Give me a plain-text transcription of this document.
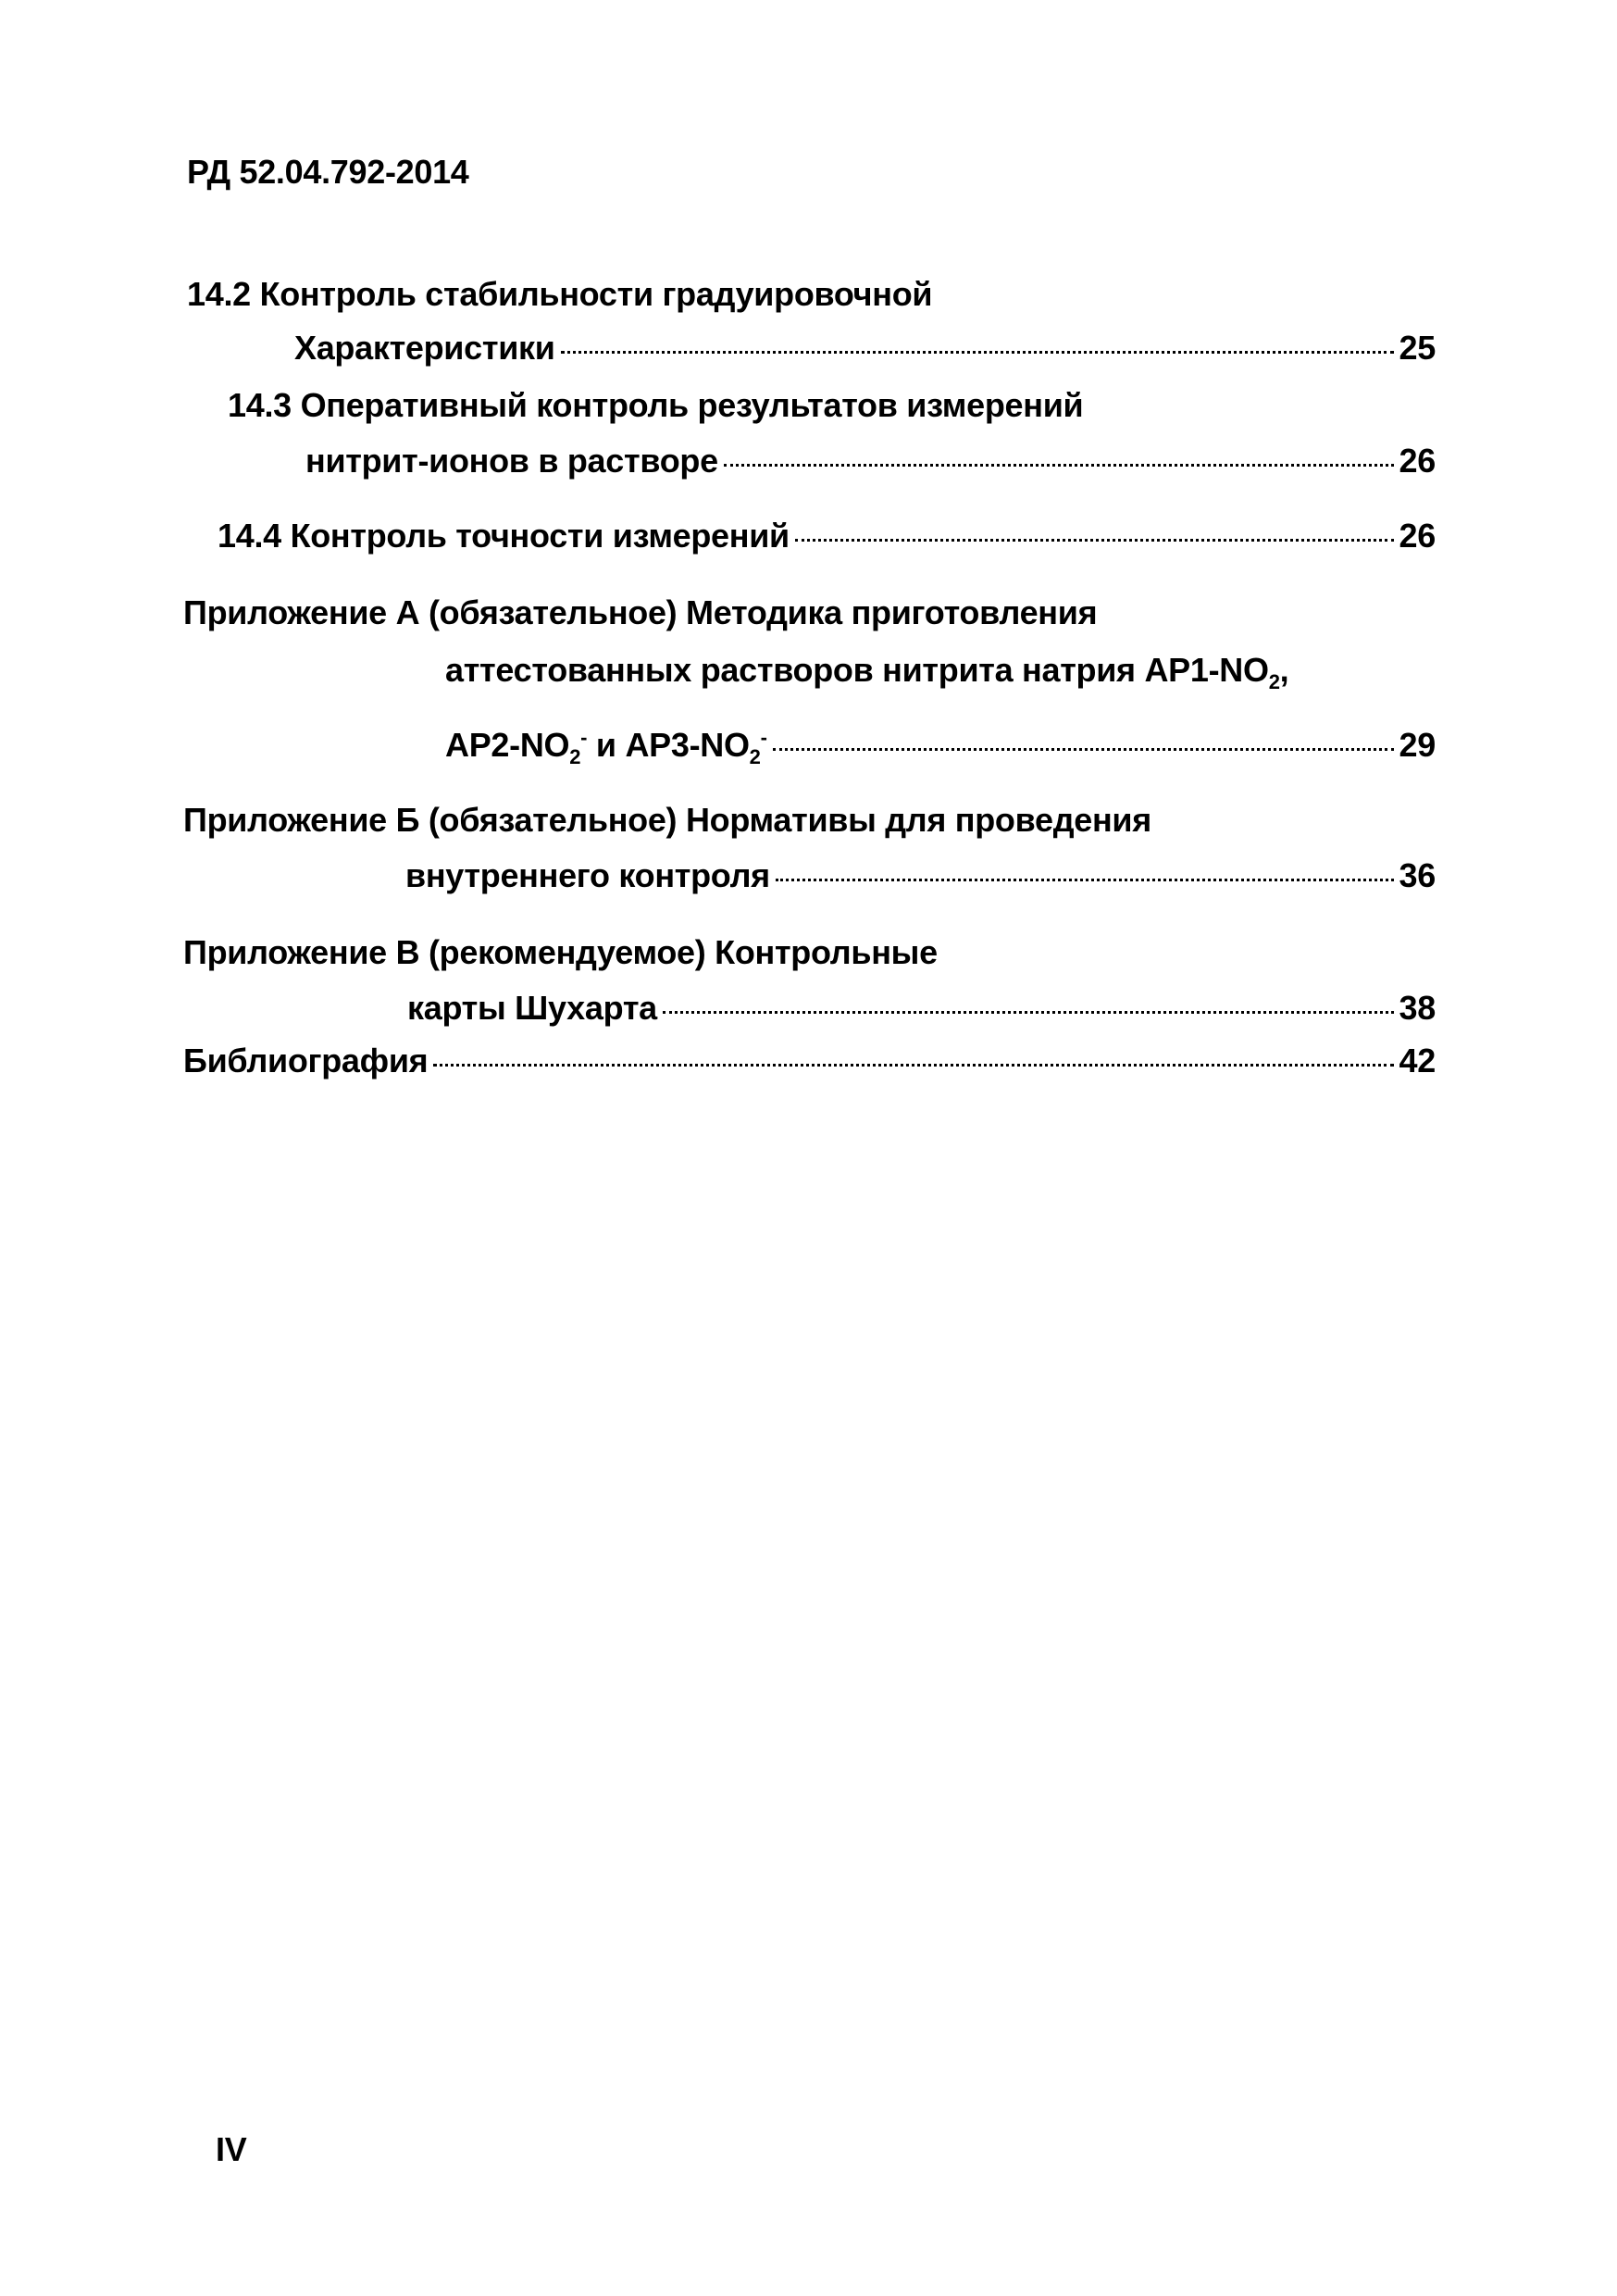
РД 52.04.792-2014
14.2 Контроль стабильности градуировочной
Характеристики	25
14.3 Оперативный контроль результатов измерений
нитрит-ионов в растворе	26
14.4 Контроль точности измерений	26
Приложение А (обязательное) Методика приготовления
аттестованных растворов нитрита натрия $АР1-NO_2$,
$АР2-NO_2^-$ и $АР3-NO_2^-$	29
Приложение Б (обязательное) Нормативы для проведения
внутреннего контроля	36
Приложение В (рекомендуемое) Контрольные
карты Шухарта	38
Библиография	42
IV
